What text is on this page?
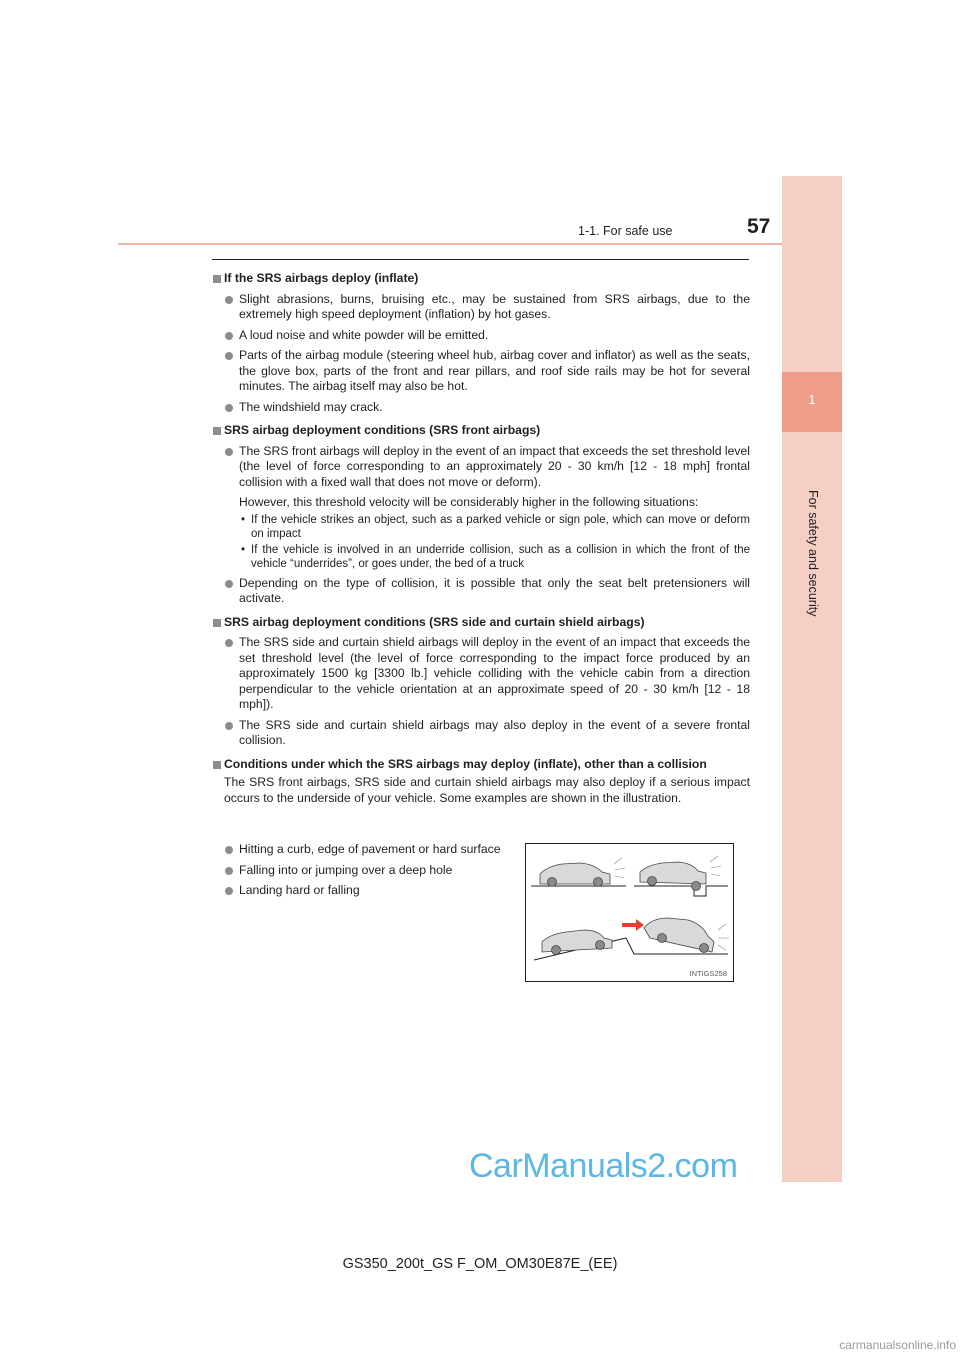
1
For safety and security
1-1. For safe use	57
If the SRS airbags deploy (inflate)
Slight abrasions, burns, bruising etc., may be sustained from SRS airbags, due to the extremely high speed deployment (inflation) by hot gases.
A loud noise and white powder will be emitted.
Parts of the airbag module (steering wheel hub, airbag cover and inflator) as well as the seats, the glove box, parts of the front and rear pillars, and roof side rails may be hot for several minutes. The airbag itself may also be hot.
The windshield may crack.
SRS airbag deployment conditions (SRS front airbags)
The SRS front airbags will deploy in the event of an impact that exceeds the set threshold level (the level of force corresponding to an approximately 20 - 30 km/h [12 - 18 mph] frontal collision with a fixed wall that does not move or deform).
However, this threshold velocity will be considerably higher in the following situations:
• If the vehicle strikes an object, such as a parked vehicle or sign pole, which can move or deform on impact
• If the vehicle is involved in an underride collision, such as a collision in which the front of the vehicle “underrides”, or goes under, the bed of a truck
Depending on the type of collision, it is possible that only the seat belt pretensioners will activate.
SRS airbag deployment conditions (SRS side and curtain shield airbags)
The SRS side and curtain shield airbags will deploy in the event of an impact that exceeds the set threshold level (the level of force corresponding to the impact force produced by an approximately 1500 kg [3300 lb.] vehicle colliding with the vehicle cabin from a direction perpendicular to the vehicle orientation at an approximate speed of 20 - 30 km/h [12 - 18 mph]).
The SRS side and curtain shield airbags may also deploy in the event of a severe frontal collision.
Conditions under which the SRS airbags may deploy (inflate), other than a collision
The SRS front airbags, SRS side and curtain shield airbags may also deploy if a serious impact occurs to the underside of your vehicle. Some examples are shown in the illustration.
Hitting a curb, edge of pavement or hard surface
Falling into or jumping over a deep hole
Landing hard or falling
INTIGS258
CarManuals2.com
GS350_200t_GS F_OM_OM30E87E_(EE)
carmanualsonline.info
